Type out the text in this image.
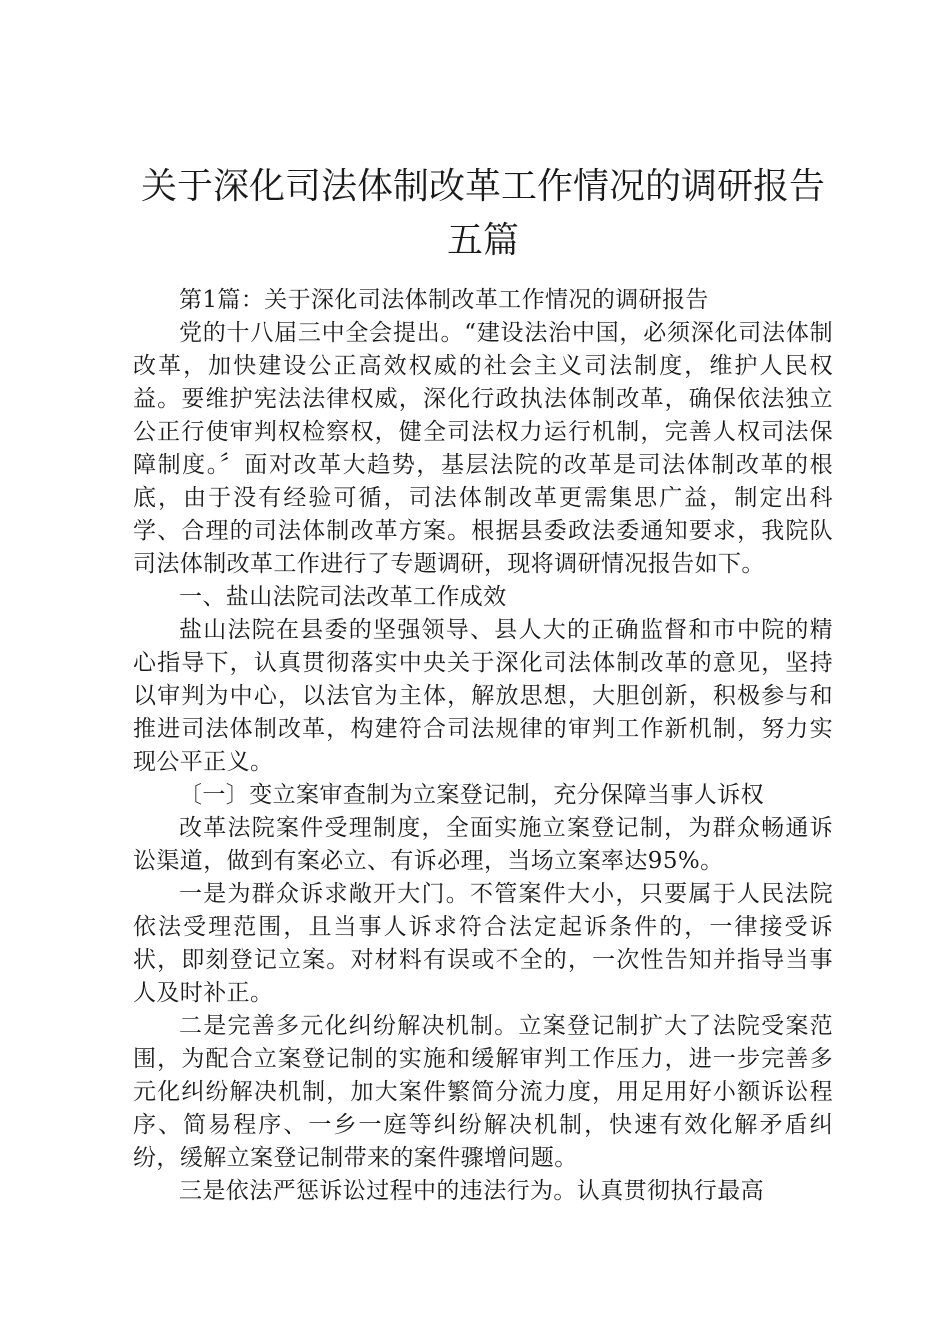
关于深化司法体制改革工作情况的调研报告
五篇

第1篇：关于深化司法体制改革工作情况的调研报告

党的十八届三中全会提出。“建设法治中国，必须深化司法体制改革，加快建设公正高效权威的社会主义司法制度，维护人民权益。要维护宪法法律权威，深化行政执法体制改革，确保依法独立公正行使审判权检察权，健全司法权力运行机制，完善人权司法保障制度。〞面对改革大趋势，基层法院的改革是司法体制改革的根底，由于没有经验可循，司法体制改革更需集思广益，制定出科学、合理的司法体制改革方案。根据县委政法委通知要求，我院队司法体制改革工作进行了专题调研，现将调研情况报告如下。

一、盐山法院司法改革工作成效

盐山法院在县委的坚强领导、县人大的正确监督和市中院的精心指导下，认真贯彻落实中央关于深化司法体制改革的意见，坚持以审判为中心，以法官为主体，解放思想，大胆创新，积极参与和推进司法体制改革，构建符合司法规律的审判工作新机制，努力实现公平正义。

〔一〕变立案审查制为立案登记制，充分保障当事人诉权

改革法院案件受理制度，全面实施立案登记制，为群众畅通诉讼渠道，做到有案必立、有诉必理，当场立案率达95%。

一是为群众诉求敞开大门。不管案件大小，只要属于人民法院依法受理范围，且当事人诉求符合法定起诉条件的，一律接受诉状，即刻登记立案。对材料有误或不全的，一次性告知并指导当事人及时补正。

二是完善多元化纠纷解决机制。立案登记制扩大了法院受案范围，为配合立案登记制的实施和缓解审判工作压力，进一步完善多元化纠纷解决机制，加大案件繁简分流力度，用足用好小额诉讼程序、简易程序、一乡一庭等纠纷解决机制，快速有效化解矛盾纠纷，缓解立案登记制带来的案件骤增问题。

三是依法严惩诉讼过程中的违法行为。认真贯彻执行最高
